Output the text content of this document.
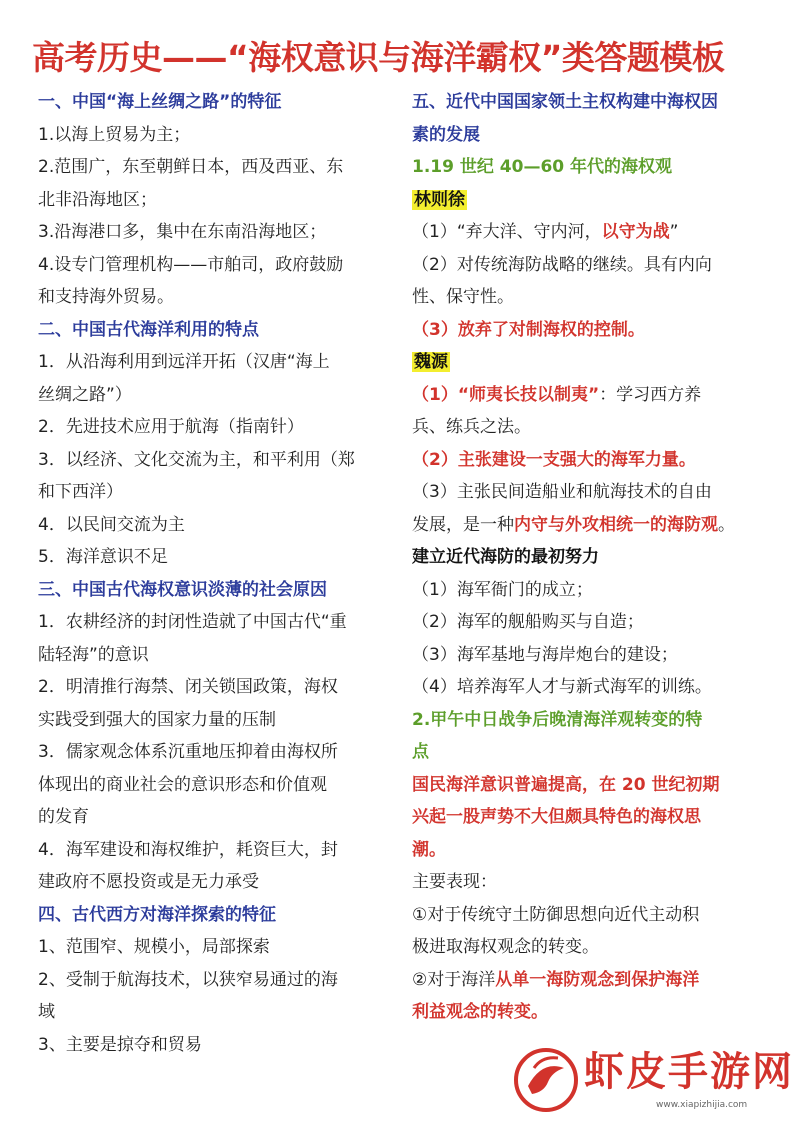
高考历史——“海权意识与海洋霸权”类答题模板
一、中国“海上丝绸之路”的特征
1.以海上贸易为主；
2.范围广，东至朝鲜日本，西及西亚、东
北非沿海地区；
3.沿海港口多，集中在东南沿海地区；
4.设专门管理机构——市舶司，政府鼓励
和支持海外贸易。
二、中国古代海洋利用的特点
1．从沿海利用到远洋开拓（汉唐“海上
丝绸之路”）
2．先进技术应用于航海（指南针）
3．以经济、文化交流为主，和平利用（郑
和下西洋）
4．以民间交流为主
5．海洋意识不足
三、中国古代海权意识淡薄的社会原因
1．农耕经济的封闭性造就了中国古代“重
陆轻海”的意识
2．明清推行海禁、闭关锁国政策，海权
实践受到强大的国家力量的压制
3．儒家观念体系沉重地压抑着由海权所
体现出的商业社会的意识形态和价值观
的发育
4．海军建设和海权维护，耗资巨大，封
建政府不愿投资或是无力承受
四、古代西方对海洋探索的特征
1、范围窄、规模小，局部探索
2、受制于航海技术，以狭窄易通过的海
域
3、主要是掠夺和贸易
五、近代中国国家领土主权构建中海权因
素的发展
1.19 世纪 40—60 年代的海权观
林则徐
（1）“弃大洋、守内河，以守为战”
（2）对传统海防战略的继续。具有内向
性、保守性。
（3）放弃了对制海权的控制。
魏源
（1）“师夷长技以制夷”：学习西方养
兵、练兵之法。
（2）主张建设一支强大的海军力量。
（3）主张民间造船业和航海技术的自由
发展，是一种内守与外攻相统一的海防观。
建立近代海防的最初努力
（1）海军衙门的成立；
（2）海军的舰船购买与自造；
（3）海军基地与海岸炮台的建设；
（4）培养海军人才与新式海军的训练。
2.甲午中日战争后晚清海洋观转变的特
点
国民海洋意识普遍提高，在 20 世纪初期
兴起一股声势不大但颇具特色的海权思
潮。
主要表现：
①对于传统守土防御思想向近代主动积
极进取海权观念的转变。
②对于海洋从单一海防观念到保护海洋
利益观念的转变。
虾皮手游网
www.xiapizhijia.com
